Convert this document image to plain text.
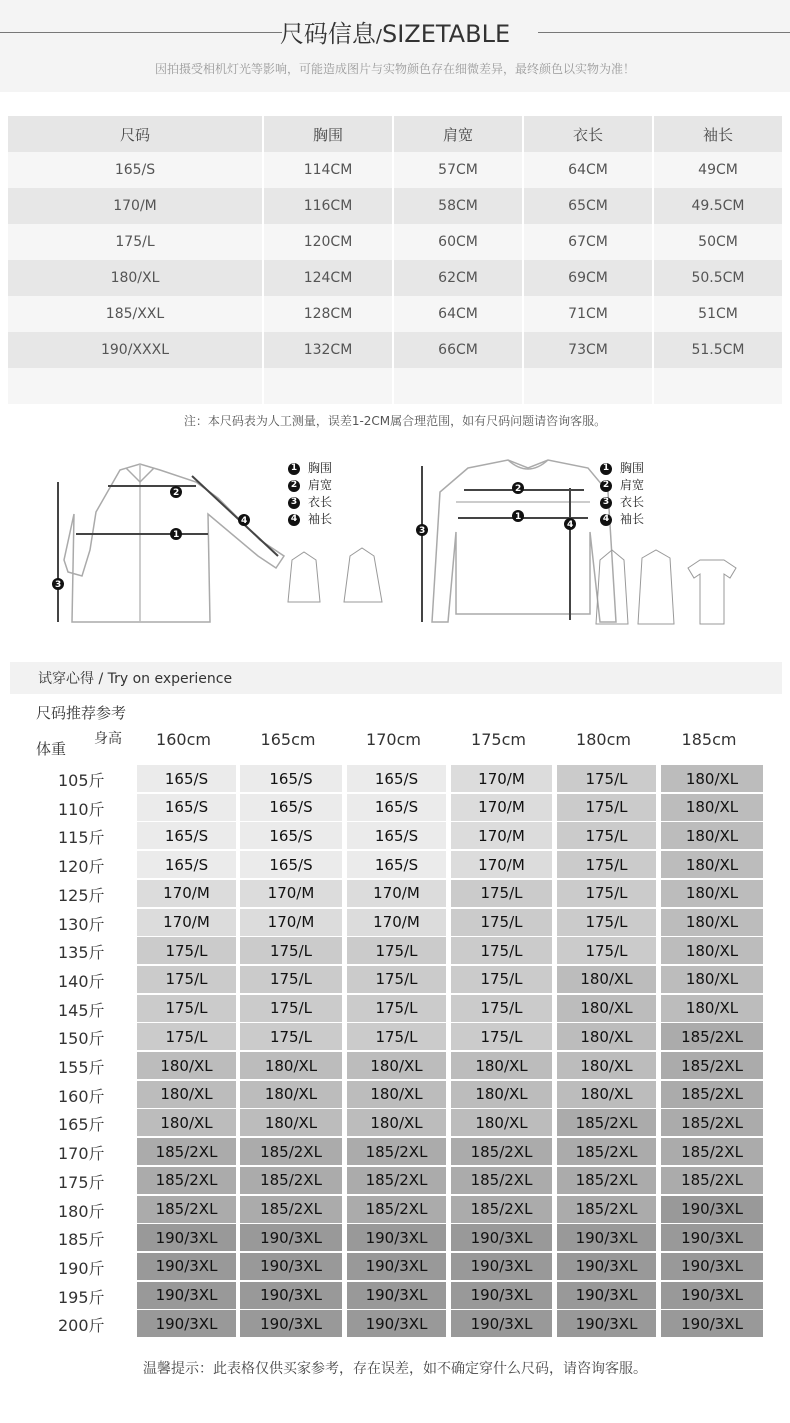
尺码信息/SIZETABLE
因拍摄受相机灯光等影响，可能造成图片与实物颜色存在细微差异，最终颜色以实物为准！
尺码	胸围	肩宽	衣长	袖长
165/S	114CM	57CM	64CM	49CM
170/M	116CM	58CM	65CM	49.5CM
175/L	120CM	60CM	67CM	50CM
180/XL	124CM	62CM	69CM	50.5CM
185/XXL	128CM	64CM	71CM	51CM
190/XXXL	132CM	66CM	73CM	51.5CM
注：本尺码表为人工测量，误差1-2CM属合理范围，如有尺码问题请咨询客服。
1
2
4
3
1
2
3
4
1 胸围
2 肩宽
3 衣长
4 袖长
1 胸围
2 肩宽
3 衣长
4 袖长
试穿心得 / Try on experience
尺码推荐参考
身高
体重	160cm	165cm	170cm	175cm	180cm	185cm
105斤	165/S	165/S	165/S	170/M	175/L	180/XL
110斤	165/S	165/S	165/S	170/M	175/L	180/XL
115斤	165/S	165/S	165/S	170/M	175/L	180/XL
120斤	165/S	165/S	165/S	170/M	175/L	180/XL
125斤	170/M	170/M	170/M	175/L	175/L	180/XL
130斤	170/M	170/M	170/M	175/L	175/L	180/XL
135斤	175/L	175/L	175/L	175/L	175/L	180/XL
140斤	175/L	175/L	175/L	175/L	180/XL	180/XL
145斤	175/L	175/L	175/L	175/L	180/XL	180/XL
150斤	175/L	175/L	175/L	175/L	180/XL	185/2XL
155斤	180/XL	180/XL	180/XL	180/XL	180/XL	185/2XL
160斤	180/XL	180/XL	180/XL	180/XL	180/XL	185/2XL
165斤	180/XL	180/XL	180/XL	180/XL	185/2XL	185/2XL
170斤	185/2XL	185/2XL	185/2XL	185/2XL	185/2XL	185/2XL
175斤	185/2XL	185/2XL	185/2XL	185/2XL	185/2XL	185/2XL
180斤	185/2XL	185/2XL	185/2XL	185/2XL	185/2XL	190/3XL
185斤	190/3XL	190/3XL	190/3XL	190/3XL	190/3XL	190/3XL
190斤	190/3XL	190/3XL	190/3XL	190/3XL	190/3XL	190/3XL
195斤	190/3XL	190/3XL	190/3XL	190/3XL	190/3XL	190/3XL
200斤	190/3XL	190/3XL	190/3XL	190/3XL	190/3XL	190/3XL
温馨提示：此表格仅供买家参考，存在误差，如不确定穿什么尺码，请咨询客服。
